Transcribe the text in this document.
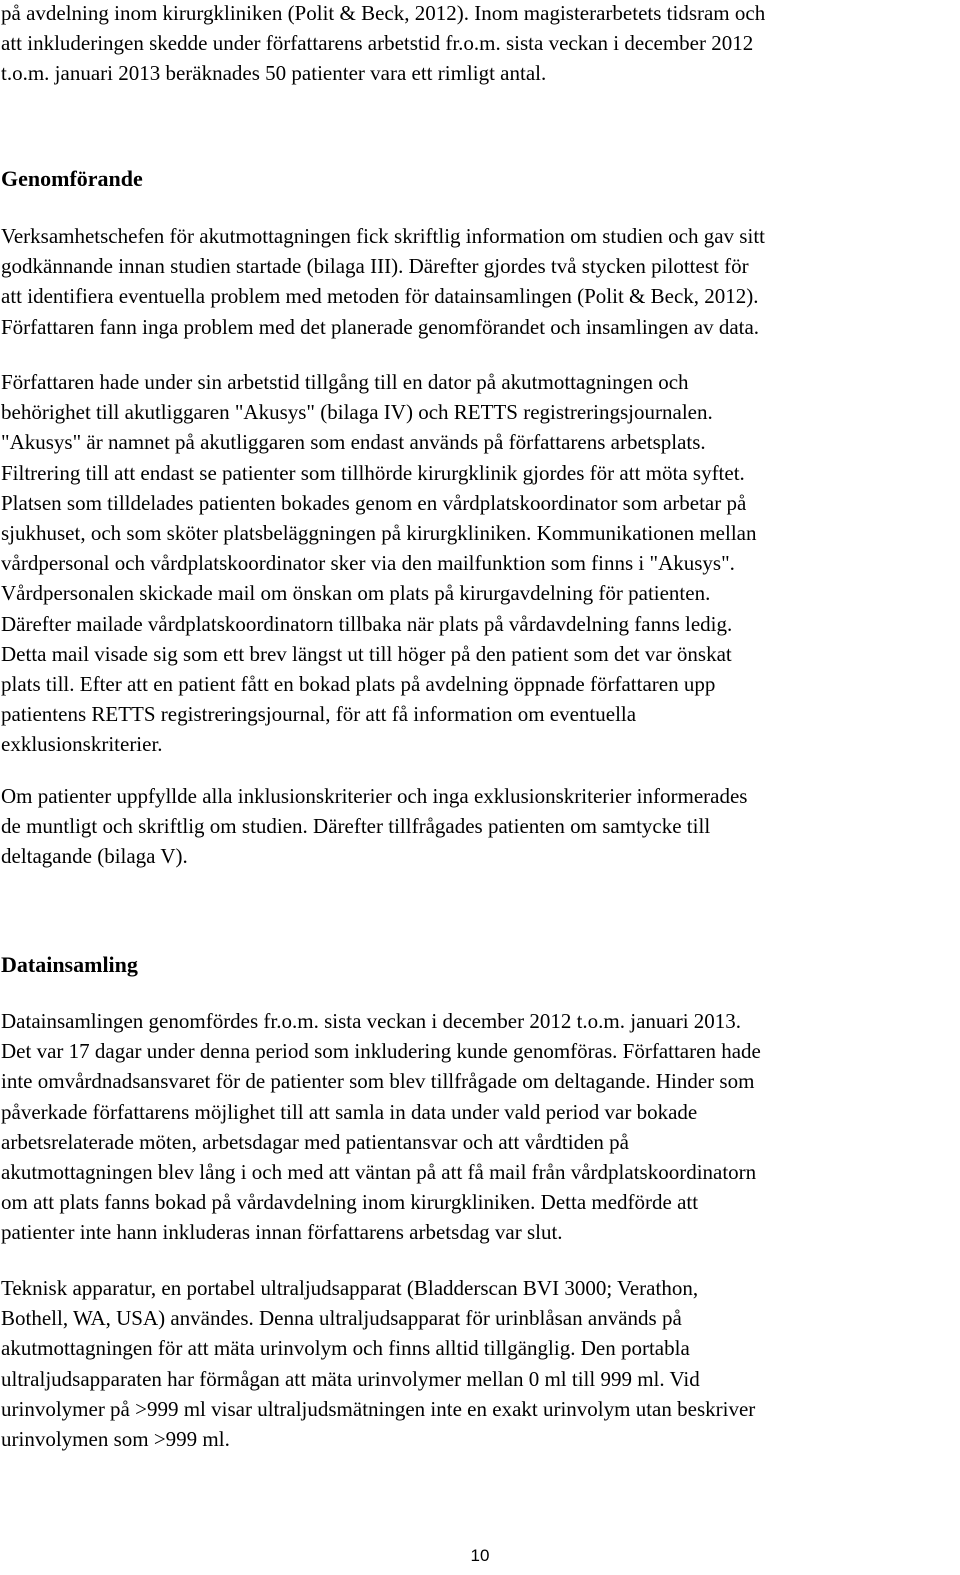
på avdelning inom kirurgkliniken (Polit & Beck, 2012). Inom magisterarbetets tidsram och
att inkluderingen skedde under författarens arbetstid fr.o.m. sista veckan i december 2012
t.o.m. januari 2013 beräknades 50 patienter vara ett rimligt antal.
Genomförande
Verksamhetschefen för akutmottagningen fick skriftlig information om studien och gav sitt
godkännande innan studien startade (bilaga III). Därefter gjordes två stycken pilottest för
att identifiera eventuella problem med metoden för datainsamlingen (Polit & Beck, 2012).
Författaren fann inga problem med det planerade genomförandet och insamlingen av data.
Författaren hade under sin arbetstid tillgång till en dator på akutmottagningen och
behörighet till akutliggaren "Akusys" (bilaga IV) och RETTS registreringsjournalen.
"Akusys" är namnet på akutliggaren som endast används på författarens arbetsplats.
Filtrering till att endast se patienter som tillhörde kirurgklinik gjordes för att möta syftet.
Platsen som tilldelades patienten bokades genom en vårdplatskoordinator som arbetar på
sjukhuset, och som sköter platsbeläggningen på kirurgkliniken. Kommunikationen mellan
vårdpersonal och vårdplatskoordinator sker via den mailfunktion som finns i "Akusys".
Vårdpersonalen skickade mail om önskan om plats på kirurgavdelning för patienten.
Därefter mailade vårdplatskoordinatorn tillbaka när plats på vårdavdelning fanns ledig.
Detta mail visade sig som ett brev längst ut till höger på den patient som det var önskat
plats till. Efter att en patient fått en bokad plats på avdelning öppnade författaren upp
patientens RETTS registreringsjournal, för att få information om eventuella
exklusionskriterier.
Om patienter uppfyllde alla inklusionskriterier och inga exklusionskriterier informerades
de muntligt och skriftlig om studien. Därefter tillfrågades patienten om samtycke till
deltagande (bilaga V).
Datainsamling
Datainsamlingen genomfördes fr.o.m. sista veckan i december 2012 t.o.m. januari 2013.
Det var 17 dagar under denna period som inkludering kunde genomföras. Författaren hade
inte omvårdnadsansvaret för de patienter som blev tillfrågade om deltagande. Hinder som
påverkade författarens möjlighet till att samla in data under vald period var bokade
arbetsrelaterade möten, arbetsdagar med patientansvar och att vårdtiden på
akutmottagningen blev lång i och med att väntan på att få mail från vårdplatskoordinatorn
om att plats fanns bokad på vårdavdelning inom kirurgkliniken. Detta medförde att
patienter inte hann inkluderas innan författarens arbetsdag var slut.
Teknisk apparatur, en portabel ultraljudsapparat (Bladderscan BVI 3000; Verathon,
Bothell, WA, USA) användes. Denna ultraljudsapparat för urinblåsan används på
akutmottagningen för att mäta urinvolym och finns alltid tillgänglig. Den portabla
ultraljudsapparaten har förmågan att mäta urinvolymer mellan 0 ml till 999 ml. Vid
urinvolymer på >999 ml visar ultraljudsmätningen inte en exakt urinvolym utan beskriver
urinvolymen som >999 ml.
10
